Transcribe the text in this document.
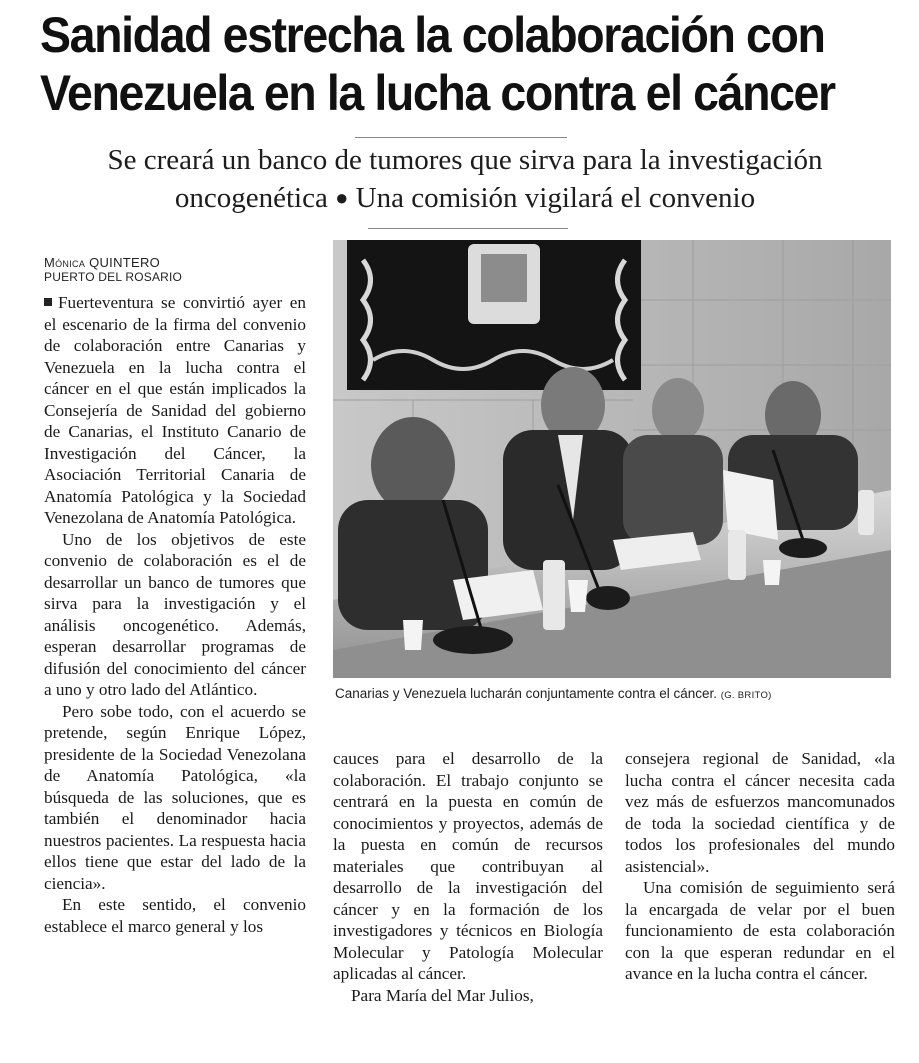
Sanidad estrecha la colaboración con Venezuela en la lucha contra el cáncer

Se creará un banco de tumores que sirva para la investigación oncogenética ● Una comisión vigilará el convenio

Mónica QUINTERO
PUERTO DEL ROSARIO

Fuerteventura se convirtió ayer en el escenario de la firma del convenio de colaboración entre Canarias y Venezuela en la lucha contra el cáncer en el que están implicados la Consejería de Sanidad del gobierno de Canarias, el Instituto Canario de Investigación del Cáncer, la Asociación Territorial Canaria de Anatomía Patológica y la Sociedad Venezolana de Anatomía Patológica.

Uno de los objetivos de este convenio de colaboración es el de desarrollar un banco de tumores que sirva para la investigación y el análisis oncogenético. Además, esperan desarrollar programas de difusión del conocimiento del cáncer a uno y otro lado del Atlántico.

Pero sobe todo, con el acuerdo se pretende, según Enrique López, presidente de la Sociedad Venezolana de Anatomía Patológica, «la búsqueda de las soluciones, que es también el denominador hacia nuestros pacientes. La respuesta hacia ellos tiene que estar del lado de la ciencia».

En este sentido, el convenio establece el marco general y los

Canarias y Venezuela lucharán conjuntamente contra el cáncer. (G. BRITO)

cauces para el desarrollo de la colaboración. El trabajo conjunto se centrará en la puesta en común de conocimientos y proyectos, además de la puesta en común de recursos materiales que contribuyan al desarrollo de la investigación del cáncer y en la formación de los investigadores y técnicos en Biología Molecular y Patología Molecular aplicadas al cáncer.

Para María del Mar Julios,

consejera regional de Sanidad, «la lucha contra el cáncer necesita cada vez más de esfuerzos mancomunados de toda la sociedad científica y de todos los profesionales del mundo asistencial».

Una comisión de seguimiento será la encargada de velar por el buen funcionamiento de esta colaboración con la que esperan redundar en el avance en la lucha contra el cáncer.
